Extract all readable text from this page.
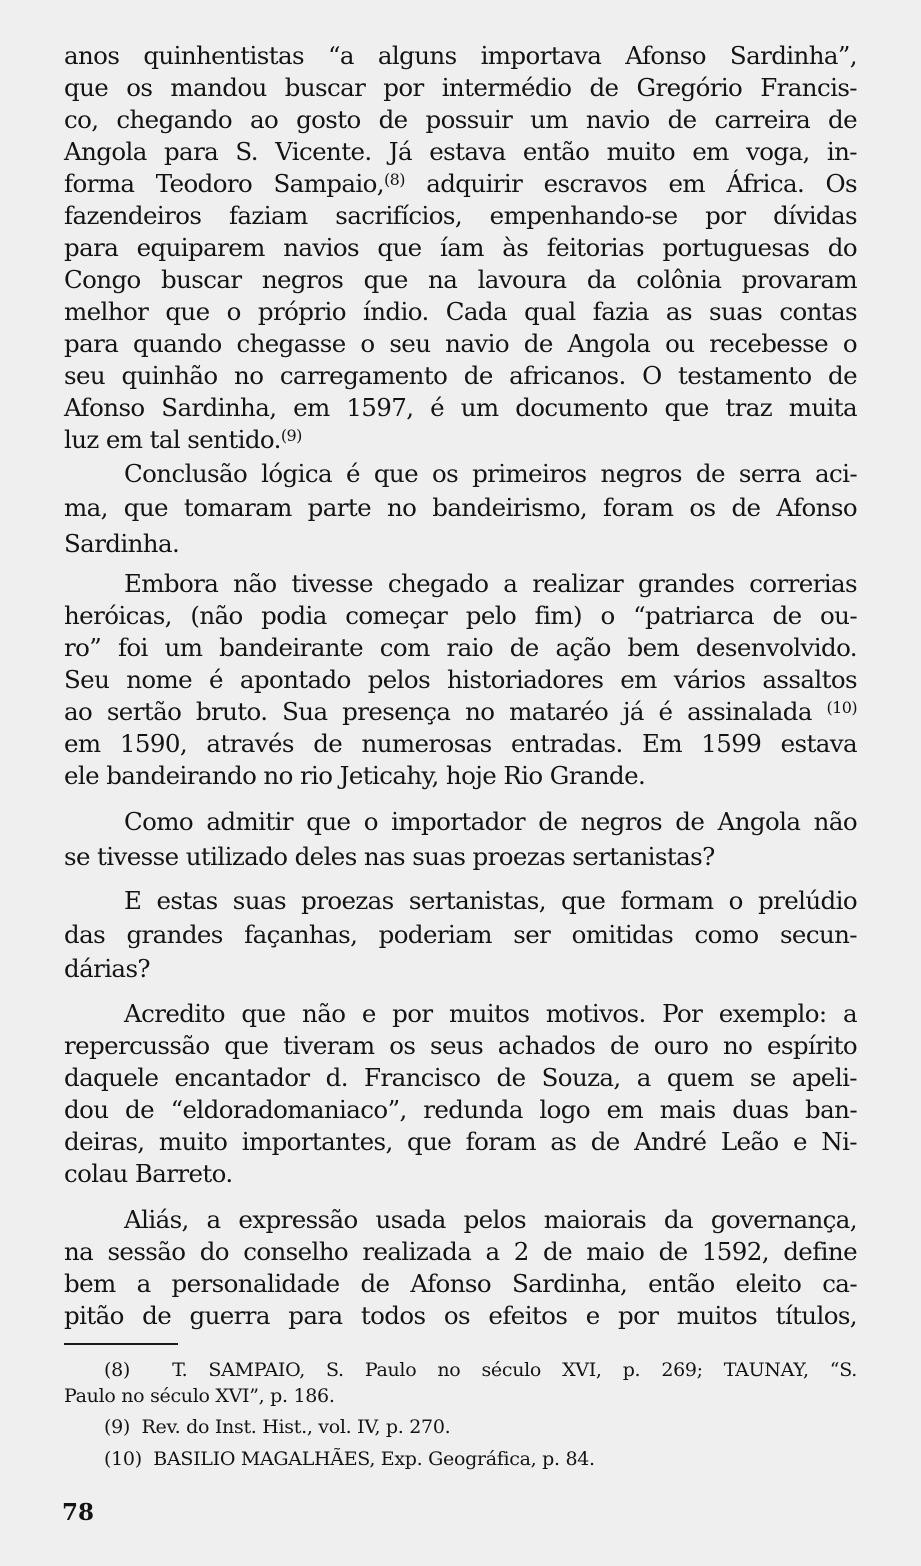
anos quinhentistas “a alguns importava Afonso Sardinha”,
que os mandou buscar por intermédio de Gregório Francis-
co, chegando ao gosto de possuir um navio de carreira de
Angola para S. Vicente. Já estava então muito em voga, in-
forma Teodoro Sampaio,$^{(8)}$ adquirir escravos em África. Os
fazendeiros faziam sacrifícios, empenhando-se por dívidas
para equiparem navios que íam às feitorias portuguesas do
Congo buscar negros que na lavoura da colônia provaram
melhor que o próprio índio. Cada qual fazia as suas contas
para quando chegasse o seu navio de Angola ou recebesse o
seu quinhão no carregamento de africanos. O testamento de
Afonso Sardinha, em 1597, é um documento que traz muita
luz em tal sentido.$^{(9)}$
Conclusão lógica é que os primeiros negros de serra aci-
ma, que tomaram parte no bandeirismo, foram os de Afonso
Sardinha.
Embora não tivesse chegado a realizar grandes correrias
heróicas, (não podia começar pelo fim) o “patriarca de ou-
ro” foi um bandeirante com raio de ação bem desenvolvido.
Seu nome é apontado pelos historiadores em vários assaltos
ao sertão bruto. Sua presença no mataréo já é assinalada $^{(10)}$
em 1590, através de numerosas entradas. Em 1599 estava
ele bandeirando no rio Jeticahy, hoje Rio Grande.
Como admitir que o importador de negros de Angola não
se tivesse utilizado deles nas suas proezas sertanistas?
E estas suas proezas sertanistas, que formam o prelúdio
das grandes façanhas, poderiam ser omitidas como secun-
dárias?
Acredito que não e por muitos motivos. Por exemplo: a
repercussão que tiveram os seus achados de ouro no espírito
daquele encantador d. Francisco de Souza, a quem se apeli-
dou de “eldoradomaniaco”, redunda logo em mais duas ban-
deiras, muito importantes, que foram as de André Leão e Ni-
colau Barreto.
Aliás, a expressão usada pelos maiorais da governança,
na sessão do conselho realizada a 2 de maio de 1592, define
bem a personalidade de Afonso Sardinha, então eleito ca-
pitão de guerra para todos os efeitos e por muitos títulos,
(8) T. SAMPAIO, S. Paulo no século XVI, p. 269; TAUNAY, “S.
Paulo no século XVI”, p. 186.
(9) Rev. do Inst. Hist., vol. IV, p. 270.
(10) BASILIO MAGALHÃES, Exp. Geográfica, p. 84.
78
